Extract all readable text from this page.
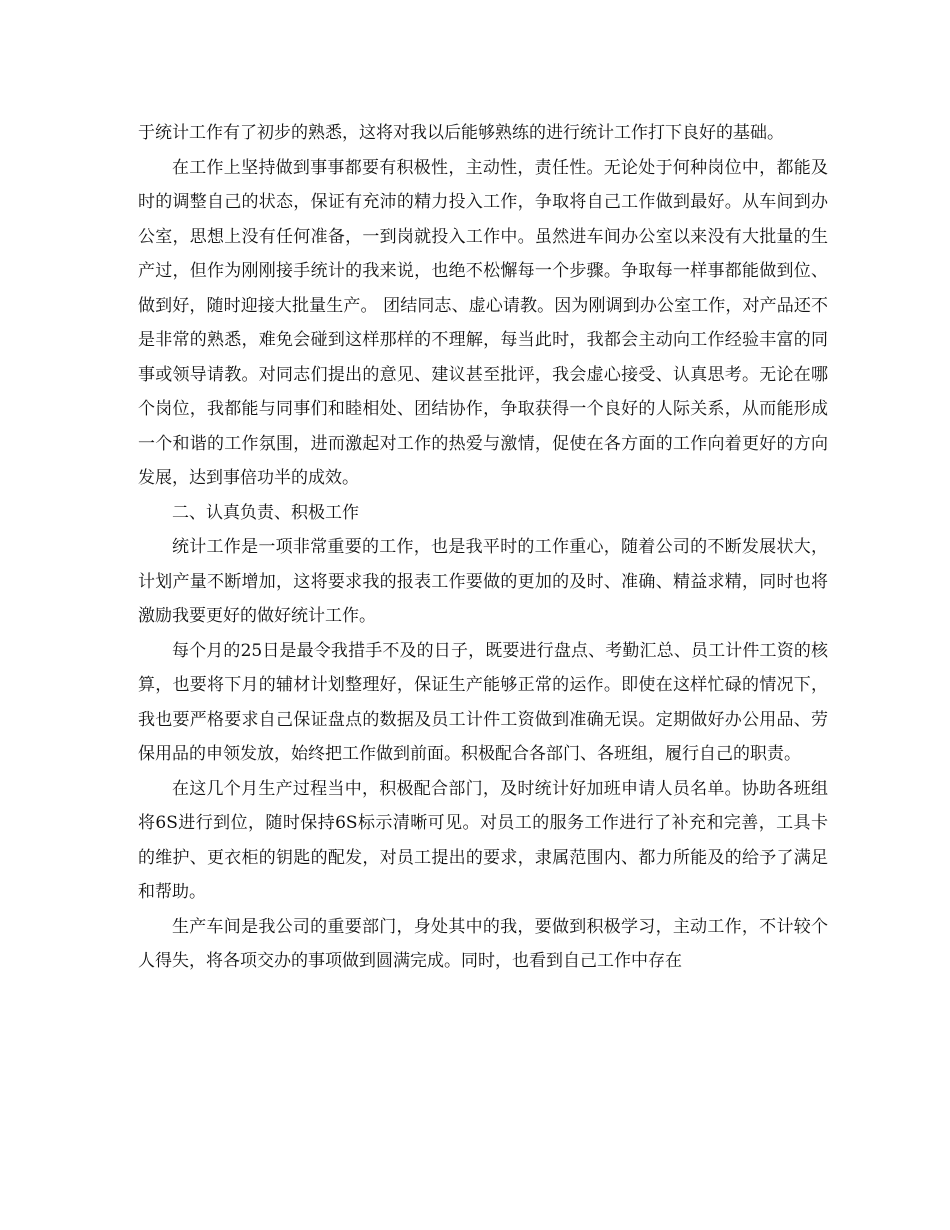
于统计工作有了初步的熟悉，这将对我以后能够熟练的进行统计工作打下良好的基础。

在工作上坚持做到事事都要有积极性，主动性，责任性。无论处于何种岗位中，都能及时的调整自己的状态，保证有充沛的精力投入工作，争取将自己工作做到最好。从车间到办公室，思想上没有任何准备，一到岗就投入工作中。虽然进车间办公室以来没有大批量的生产过，但作为刚刚接手统计的我来说，也绝不松懈每一个步骤。争取每一样事都能做到位、做到好，随时迎接大批量生产。 团结同志、虚心请教。因为刚调到办公室工作，对产品还不是非常的熟悉，难免会碰到这样那样的不理解，每当此时，我都会主动向工作经验丰富的同事或领导请教。对同志们提出的意见、建议甚至批评，我会虚心接受、认真思考。无论在哪个岗位，我都能与同事们和睦相处、团结协作，争取获得一个良好的人际关系，从而能形成一个和谐的工作氛围，进而激起对工作的热爱与激情，促使在各方面的工作向着更好的方向发展，达到事倍功半的成效。

二、认真负责、积极工作

统计工作是一项非常重要的工作，也是我平时的工作重心，随着公司的不断发展状大，计划产量不断增加，这将要求我的报表工作要做的更加的及时、准确、精益求精，同时也将激励我要更好的做好统计工作。

每个月的25日是最令我措手不及的日子，既要进行盘点、考勤汇总、员工计件工资的核算，也要将下月的辅材计划整理好，保证生产能够正常的运作。即使在这样忙碌的情况下，我也要严格要求自己保证盘点的数据及员工计件工资做到准确无误。定期做好办公用品、劳保用品的申领发放，始终把工作做到前面。积极配合各部门、各班组，履行自己的职责。

在这几个月生产过程当中，积极配合部门，及时统计好加班申请人员名单。协助各班组将6S进行到位，随时保持6S标示清晰可见。对员工的服务工作进行了补充和完善，工具卡的维护、更衣柜的钥匙的配发，对员工提出的要求，隶属范围内、都力所能及的给予了满足和帮助。

生产车间是我公司的重要部门，身处其中的我，要做到积极学习，主动工作，不计较个人得失，将各项交办的事项做到圆满完成。同时，也看到自己工作中存在
